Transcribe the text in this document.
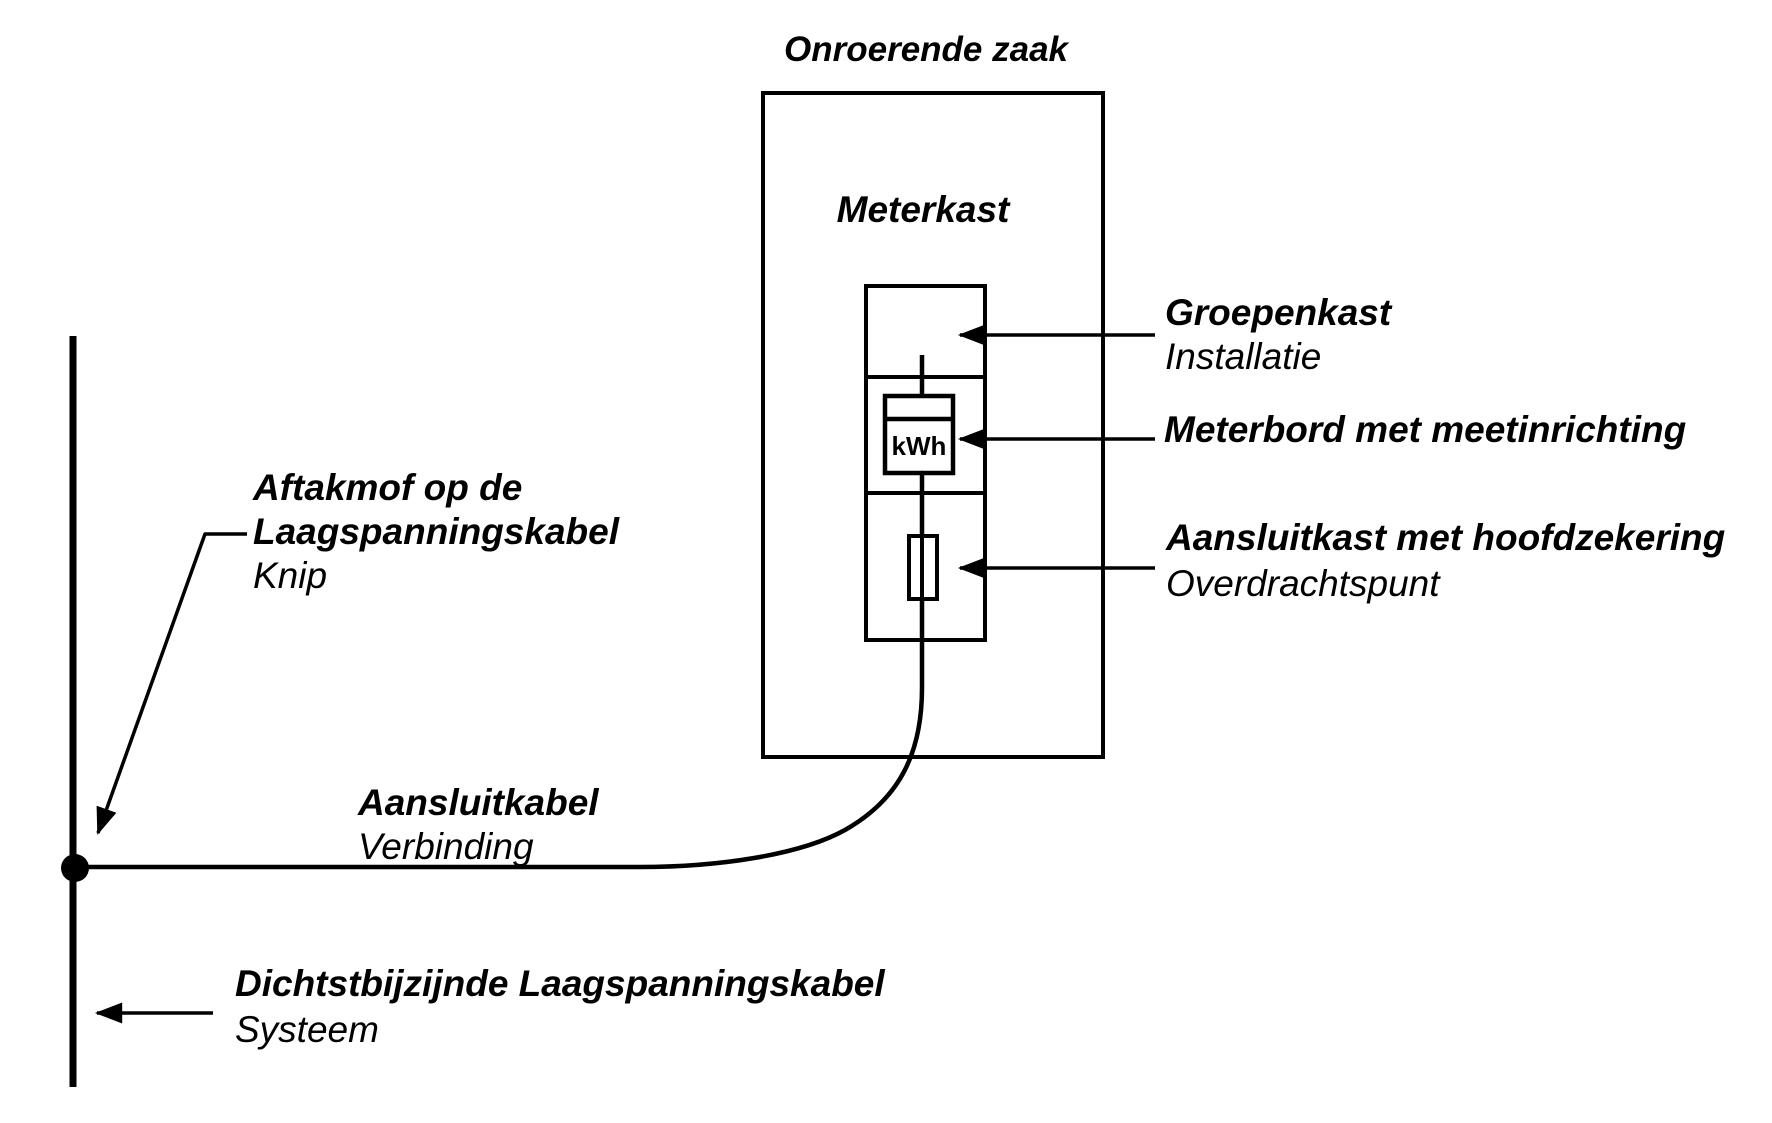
Onroerende zaak
Meterkast
kWh
Groepenkast
Installatie
Meterbord met meetinrichting
Aansluitkast met hoofdzekering
Overdrachtspunt
Aftakmof op de
Laagspanningskabel
Knip
Aansluitkabel
Verbinding
Dichtstbijzijnde Laagspanningskabel
Systeem
